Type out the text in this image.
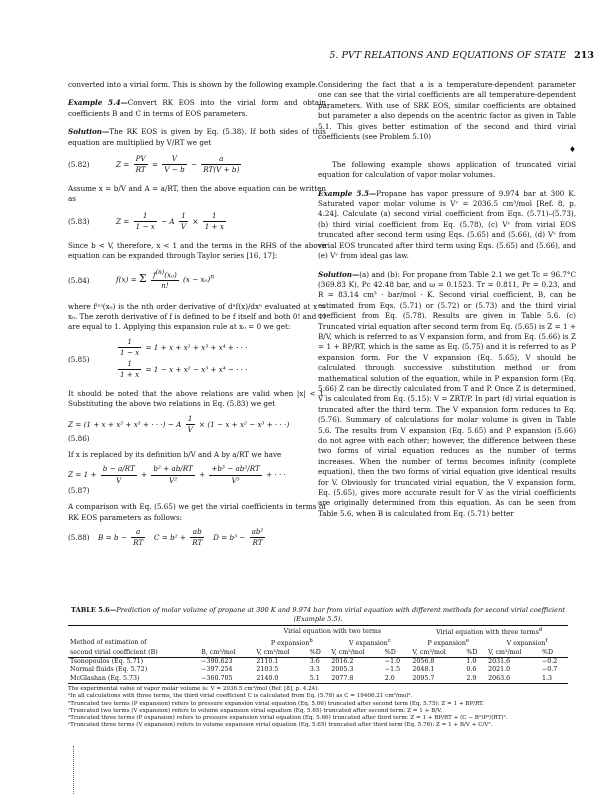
5. PVT RELATIONS AND EQUATIONS OF STATE 213

converted into a virial form. This is shown by the following example.

Example 5.4—Convert RK EOS into the virial form and obtain coefficients B and C in terms of EOS parameters.

Solution—The RK EOS is given by Eq. (5.38). If both sides of this equation are multiplied by V/RT we get

(5.82)	$Z = \frac{PV}{RT} = \frac{V}{V - b} - \frac{a}{RT(V + b)}$

Assume x = b/V and A = a/RT, then the above equation can be written as

(5.83)	$Z = \frac{1}{1 - x} - A \frac{1}{V} \times \frac{1}{1 + x}$

Since b < V, therefore, x < 1 and the terms in the RHS of the above equation can be expanded through Taylor series [16, 17]:

(5.84)	f(x) = Σ $\frac{f^{(n)}(x_0)}{n!} (x - x_0)^n$

where f⁽ⁿ⁾(x₀) is the nth order derivative of dⁿf(x)/dxⁿ evaluated at x = x₀. The zeroth derivative of f is defined to be f itself and both 0! and 1! are equal to 1. Applying this expansion rule at x₀ = 0 we get:

(5.85)
$\frac{1}{1 - x} = 1 + x + x^2 + x^3 + x^4$ + · · ·
$\frac{1}{1 + x} = 1 - x + x^2 - x^3 + x^4$ − · · ·

It should be noted that the above relations are valid when |x| < 1. Substituting the above two relations in Eq. (5.83) we get

Z = (1 + x + x² + x³ + · · ·) − A $\frac{1}{V} \times (1 - x + x^2 - x^3$ + · · ·)
(5.86)

If x is replaced by its definition b/V and A by a/RT we have

$Z = 1 + \frac{b - a/RT}{V} + \frac{\text{b² + ab/RT}}{\text{V²}} + \frac{\text{+b³ − ab²/RT}}{\text{V³}}$ + · · ·
(5.87)

A comparison with Eq. (5.65) we get the virial coefficients in terms of RK EOS parameters as follows:

(5.88)	$B = b - \frac{a}{RT}$ $C = b^2 + \frac{ab}{RT}$ $D = b^3 - \frac{\text{ab²}}{RT}$

Considering the fact that a is a temperature-dependent parameter one can see that the virial coefficients are all temperature-dependent parameters. With use of SRK EOS, similar coefficients are obtained but parameter a also depends on the acentric factor as given in Table 5.1. This gives better estimation of the second and third virial coefficients (see Problem 5.10)

♦

The following example shows application of truncated virial equation for calculation of vapor molar volumes.

Example 5.5—Propane has vapor pressure of 9.974 bar at 300 K. Saturated vapor molar volume is Vᵛ = 2036.5 cm³/mol [Ref. 8, p. 4.24]. Calculate (a) second virial coefficient from Eqs. (5.71)–(5.73), (b) third virial coefficient from Eq. (5.78), (c) Vᵛ from virial EOS truncated after second term using Eqs. (5.65) and (5.66), (d) Vᵛ from virial EOS truncated after third term using Eqs. (5.65) and (5.66), and (e) Vᵛ from ideal gas law.

Solution—(a) and (b): For propane from Table 2.1 we get Tc = 96.7°C (369.83 K), Pc 42.48 bar, and ω = 0.1523. Tr = 0.811, Pr = 0.23, and R = 83.14 cm³ · bar/mol · K. Second virial coefficient, B, can be estimated from Eqs. (5.71) or (5.72) or (5.73) and the third virial coefficient from Eq. (5.78). Results are given in Table 5.6. (c) Truncated virial equation after second term from Eq. (5.65) is Z = 1 + B/V, which is referred to as V expansion form, and from Eq. (5.66) is Z = 1 + BP/RT, which is the same as Eq. (5.75) and it is referred to as P expansion form. For the V expansion (Eq. 5.65), V should be calculated through successive substitution method or from mathematical solution of the equation, while in P expansion form (Eq. 5.66) Z can be directly calculated from T and P. Once Z is determined, V is calculated from Eq. (5.15): V = ZRT/P. In part (d) virial equation is truncated after the third term. The V expansion form reduces to Eq. (5.76). Summary of calculations for molar volume is given in Table 5.6. The results from V expansion (Eq. 5.65) and P expansion (5.66) do not agree with each other; however, the difference between these two forms of virial equation reduces as the number of terms increases. When the number of terms becomes infinity (complete equation), then the two forms of virial equation give identical results for V. Obviously for truncated virial equation, the V expansion form, Eq. (5.65), gives more accurate result for V as the virial coefficients are originally determined from this equation. As can be seen from Table 5.6, when B is calculated from Eq. (5.71) better

TABLE 5.6—Prediction of molar volume of propane at 300 K and 9.974 bar from virial equation with different methods for second virial coefficient (Example 5.5).
		Virial equation with two terms				Virial equation with three terms$^d$
Method of estimation of		P expansion$^b$		V expansion$^c$		P expansion$^e$		V expansion$^f$
second virial coefficient (B)	B, cm³/mol	V, cm³/mol	%D	V, cm³/mol	%D	V, cm³/mol	%D	V, cm³/mol	%D
Tsonopoulos (Eq. 5.71)	−390.623	2110.1	3.6	2016.2	−1.0	2056.8	1.0	2031.6	−0.2
Normal fluids (Eq. 5.72)	−397.254	2103.5	3.3	2005.3	−1.5	2048.1	0.6	2021.0	−0.7
McGlashan (Eq. 5.73)	−360.705	2140.0	5.1	2077.8	2.0	2095.7	2.9	2063.6	1.3
The experimental value of vapor molar volume is: V = 2036.5 cm³/mol (Ref. [8], p. 4.24).
ᵃIn all calculations with three terms, the third virial coefficient C is calculated from Eq. (5.78) as C = 19406.21 cm⁶/mol².
ᵇTruncated two terms (P expansion) refers to pressure expansion virial equation (Eq. 5.66) truncated after second term (Eq. 5.75): Z = 1 + BP/RT.
ᶜTruncated two terms (V expansion) refers to volume expansion virial equation (Eq. 5.65) truncated after second term: Z = 1 + B/V.
ᵈTruncated three terms (P expansion) refers to pressure expansion virial equation (Eq. 5.66) truncated after third term: Z = 1 + BP/RT + (C − B²)P²/(RT)².
ᵉTruncated three terms (V expansion) refers to volume expansion virial equation (Eq. 5.65) truncated after third term (Eq. 5.76): Z = 1 + B/V + C/V².
